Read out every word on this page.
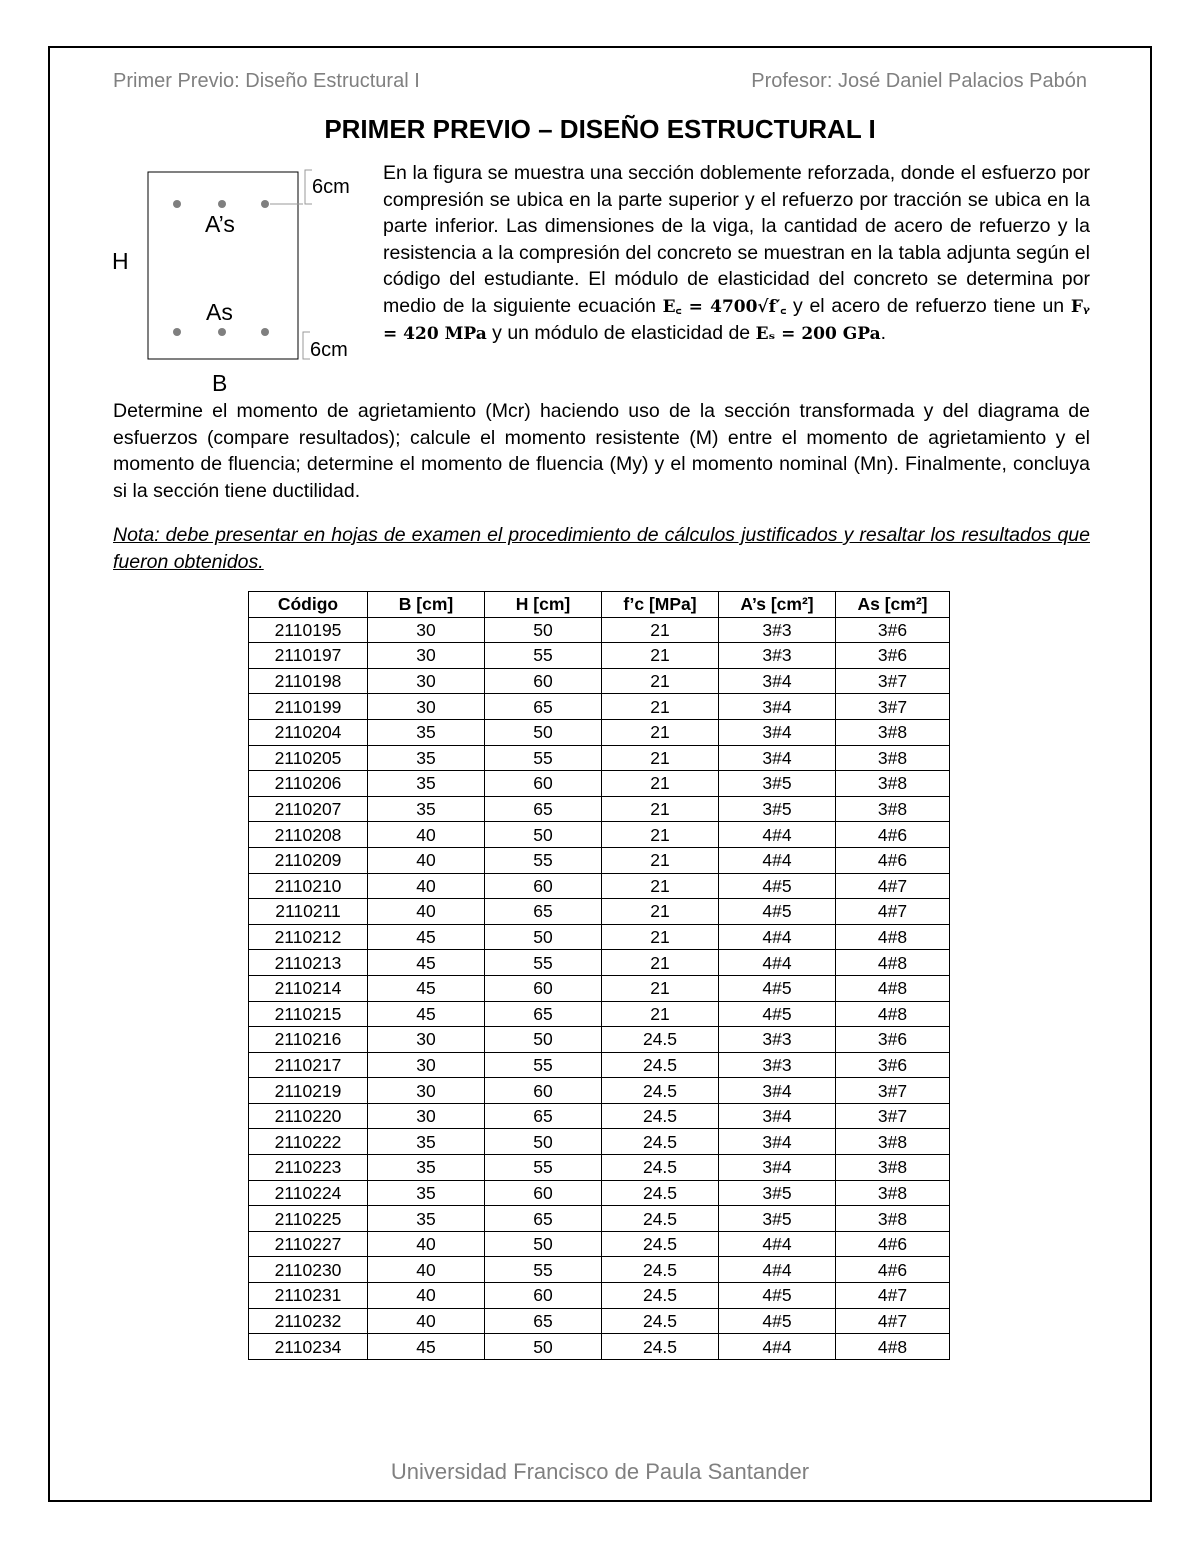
Primer Previo: Diseño Estructural I	Profesor: José Daniel Palacios Pabón
PRIMER PREVIO – DISEÑO ESTRUCTURAL I
6cm
6cm
A’s
As
H
B
En la figura se muestra una sección doblemente reforzada, donde el esfuerzo por compresión se ubica en la parte superior y el refuerzo por tracción se ubica en la parte inferior. Las dimensiones de la viga, la cantidad de acero de refuerzo y la resistencia a la compresión del concreto se muestran en la tabla adjunta según el código del estudiante. El módulo de elasticidad del concreto se determina por medio de la siguiente ecuación E꜀ = 4700√f′꜀ y el acero de refuerzo tiene un Fᵧ = 420 MPa y un módulo de elasticidad de Eₛ = 200 GPa.
Determine el momento de agrietamiento (Mcr) haciendo uso de la sección transformada y del diagrama de esfuerzos (compare resultados); calcule el momento resistente (M) entre el momento de agrietamiento y el momento de fluencia; determine el momento de fluencia (My) y el momento nominal (Mn). Finalmente, concluya si la sección tiene ductilidad.
Nota: debe presentar en hojas de examen el procedimiento de cálculos justificados y resaltar los resultados que fueron obtenidos.
Código	B [cm]	H [cm]	f’c [MPa]	A’s [cm²]	As [cm²]
2110195	30	50	21	3#3	3#6
2110197	30	55	21	3#3	3#6
2110198	30	60	21	3#4	3#7
2110199	30	65	21	3#4	3#7
2110204	35	50	21	3#4	3#8
2110205	35	55	21	3#4	3#8
2110206	35	60	21	3#5	3#8
2110207	35	65	21	3#5	3#8
2110208	40	50	21	4#4	4#6
2110209	40	55	21	4#4	4#6
2110210	40	60	21	4#5	4#7
2110211	40	65	21	4#5	4#7
2110212	45	50	21	4#4	4#8
2110213	45	55	21	4#4	4#8
2110214	45	60	21	4#5	4#8
2110215	45	65	21	4#5	4#8
2110216	30	50	24.5	3#3	3#6
2110217	30	55	24.5	3#3	3#6
2110219	30	60	24.5	3#4	3#7
2110220	30	65	24.5	3#4	3#7
2110222	35	50	24.5	3#4	3#8
2110223	35	55	24.5	3#4	3#8
2110224	35	60	24.5	3#5	3#8
2110225	35	65	24.5	3#5	3#8
2110227	40	50	24.5	4#4	4#6
2110230	40	55	24.5	4#4	4#6
2110231	40	60	24.5	4#5	4#7
2110232	40	65	24.5	4#5	4#7
2110234	45	50	24.5	4#4	4#8
Universidad Francisco de Paula Santander
